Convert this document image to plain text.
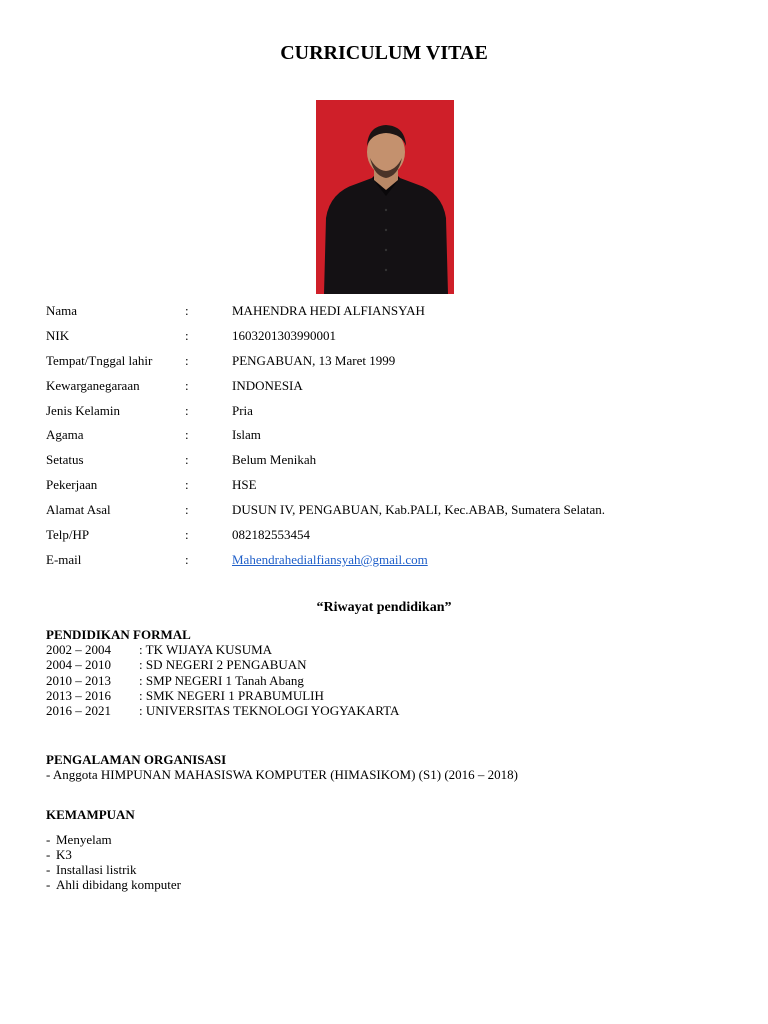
CURRICULUM VITAE
Nama	:	MAHENDRA HEDI ALFIANSYAH
NIK	:	1603201303990001
Tempat/Tnggal lahir	:	PENGABUAN, 13 Maret 1999
Kewarganegaraan	:	INDONESIA
Jenis Kelamin	:	Pria
Agama	:	Islam
Setatus	:	Belum Menikah
Pekerjaan	:	HSE
Alamat Asal	:	DUSUN IV, PENGABUAN, Kab.PALI, Kec.ABAB, Sumatera Selatan.
Telp/HP	:	082182553454
E-mail	:	Mahendrahedialfiansyah@gmail.com
“Riwayat pendidikan”
PENDIDIKAN FORMAL
2002 – 2004 : TK WIJAYA KUSUMA
2004 – 2010 : SD NEGERI 2 PENGABUAN
2010 – 2013 : SMP NEGERI 1 Tanah Abang
2013 – 2016 : SMK NEGERI 1 PRABUMULIH
2016 – 2021 : UNIVERSITAS TEKNOLOGI YOGYAKARTA
PENGALAMAN ORGANISASI
- Anggota HIMPUNAN MAHASISWA KOMPUTER (HIMASIKOM) (S1) (2016 – 2018)
KEMAMPUAN
- Menyelam
- K3
- Installasi listrik
- Ahli dibidang komputer
